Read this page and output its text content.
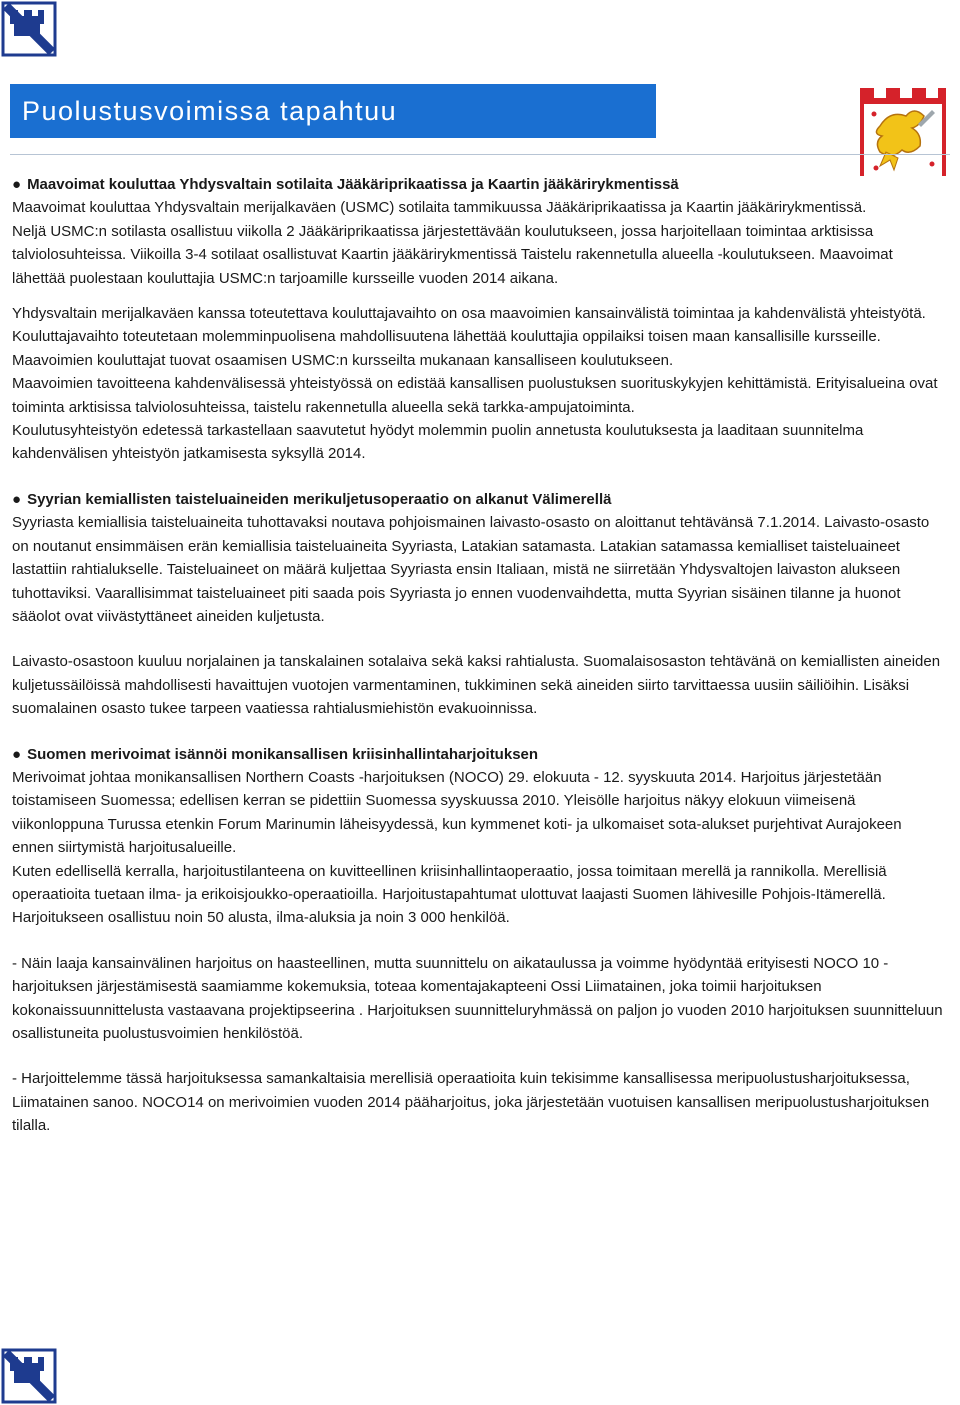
Puolustusvoimissa tapahtuu

● Maavoimat kouluttaa Yhdysvaltain sotilaita Jääkäriprikaatissa ja Kaartin jääkärirykmentissä

Maavoimat kouluttaa Yhdysvaltain merijalkaväen (USMC) sotilaita tammikuussa Jääkäriprikaatissa ja Kaartin jääkärirykmentissä.

Neljä USMC:n sotilasta osallistuu viikolla 2 Jääkäriprikaatissa järjestettävään koulutukseen, jossa harjoitellaan toimintaa arktisissa talviolosuhteissa. Viikoilla 3-4 sotilaat osallistuvat Kaartin jääkärirykmentissä Taistelu rakennetulla alueella -koulutukseen. Maavoimat lähettää puolestaan kouluttajia USMC:n tarjoamille kursseille vuoden 2014 aikana.

Yhdysvaltain merijalkaväen kanssa toteutettava kouluttajavaihto on osa maavoimien kansainvälistä toimintaa ja kahdenvälistä yhteistyötä. Kouluttajavaihto toteutetaan molemminpuolisena mahdollisuutena lähettää kouluttajia oppilaiksi toisen maan kansallisille kursseille. Maavoimien kouluttajat tuovat osaamisen USMC:n kursseilta mukanaan kansalliseen koulutukseen.

Maavoimien tavoitteena kahdenvälisessä yhteistyössä on edistää kansallisen puolustuksen suorituskykyjen kehittämistä. Erityisalueina ovat toiminta arktisissa talviolosuhteissa, taistelu rakennetulla alueella sekä tarkka-ampujatoiminta.

Koulutusyhteistyön edetessä tarkastellaan saavutetut hyödyt molemmin puolin annetusta koulutuksesta ja laaditaan suunnitelma kahdenvälisen yhteistyön jatkamisesta syksyllä 2014.

● Syyrian kemiallisten taisteluaineiden merikuljetusoperaatio on alkanut Välimerellä

Syyriasta kemiallisia taisteluaineita tuhottavaksi noutava pohjoismainen laivasto-osasto on aloittanut tehtävänsä 7.1.2014. Laivasto-osasto on noutanut ensimmäisen erän kemiallisia taisteluaineita Syyriasta, Latakian satamasta. Latakian satamassa kemialliset taisteluaineet lastattiin rahtialukselle. Taisteluaineet on määrä kuljettaa Syyriasta ensin Italiaan, mistä ne siirretään Yhdysvaltojen laivaston alukseen tuhottaviksi. Vaarallisimmat taisteluaineet piti saada pois Syyriasta jo ennen vuodenvaihdetta, mutta Syyrian sisäinen tilanne ja huonot sääolot ovat viivästyttäneet aineiden kuljetusta.

Laivasto-osastoon kuuluu norjalainen ja tanskalainen sotalaiva sekä kaksi rahtialusta. Suomalaisosaston tehtävänä on kemiallisten aineiden kuljetussäilöissä mahdollisesti havaittujen vuotojen varmentaminen, tukkiminen sekä aineiden siirto tarvittaessa uusiin säiliöihin. Lisäksi suomalainen osasto tukee tarpeen vaatiessa rahtialusmiehistön evakuoinnissa.

● Suomen merivoimat isännöi monikansallisen kriisinhallintaharjoituksen

Merivoimat johtaa monikansallisen Northern Coasts -harjoituksen (NOCO) 29. elokuuta - 12. syyskuuta 2014. Harjoitus järjestetään toistamiseen Suomessa; edellisen kerran se pidettiin Suomessa syyskuussa 2010. Yleisölle harjoitus näkyy elokuun viimeisenä viikonloppuna Turussa etenkin Forum Marinumin läheisyydessä, kun kymmenet koti- ja ulkomaiset sota-alukset purjehtivat Aurajokeen ennen siirtymistä harjoitusalueille.

Kuten edellisellä kerralla, harjoitustilanteena on kuvitteellinen kriisinhallintaoperaatio, jossa toimitaan merellä ja rannikolla. Merellisiä operaatioita tuetaan ilma- ja erikoisjoukko-operaatioilla. Harjoitustapahtumat ulottuvat laajasti Suomen lähivesille Pohjois-Itämerellä. Harjoitukseen osallistuu noin 50 alusta, ilma-aluksia ja noin 3 000 henkilöä.

- Näin laaja kansainvälinen harjoitus on haasteellinen, mutta suunnittelu on aikataulussa ja voimme hyödyntää erityisesti NOCO 10 -harjoituksen järjestämisestä saamiamme kokemuksia, toteaa komentajakapteeni Ossi Liimatainen, joka toimii harjoituksen kokonaissuunnittelusta vastaavana projektipseerina . Harjoituksen suunnitteluryhmässä on paljon jo vuoden 2010 harjoituksen suunnitteluun osallistuneita puolustusvoimien henkilöstöä.

- Harjoittelemme tässä harjoituksessa samankaltaisia merellisiä operaatioita kuin tekisimme kansallisessa meripuolustusharjoituksessa, Liimatainen sanoo. NOCO14 on merivoimien vuoden 2014 pääharjoitus, joka järjestetään vuotuisen kansallisen meripuolustusharjoituksen tilalla.
